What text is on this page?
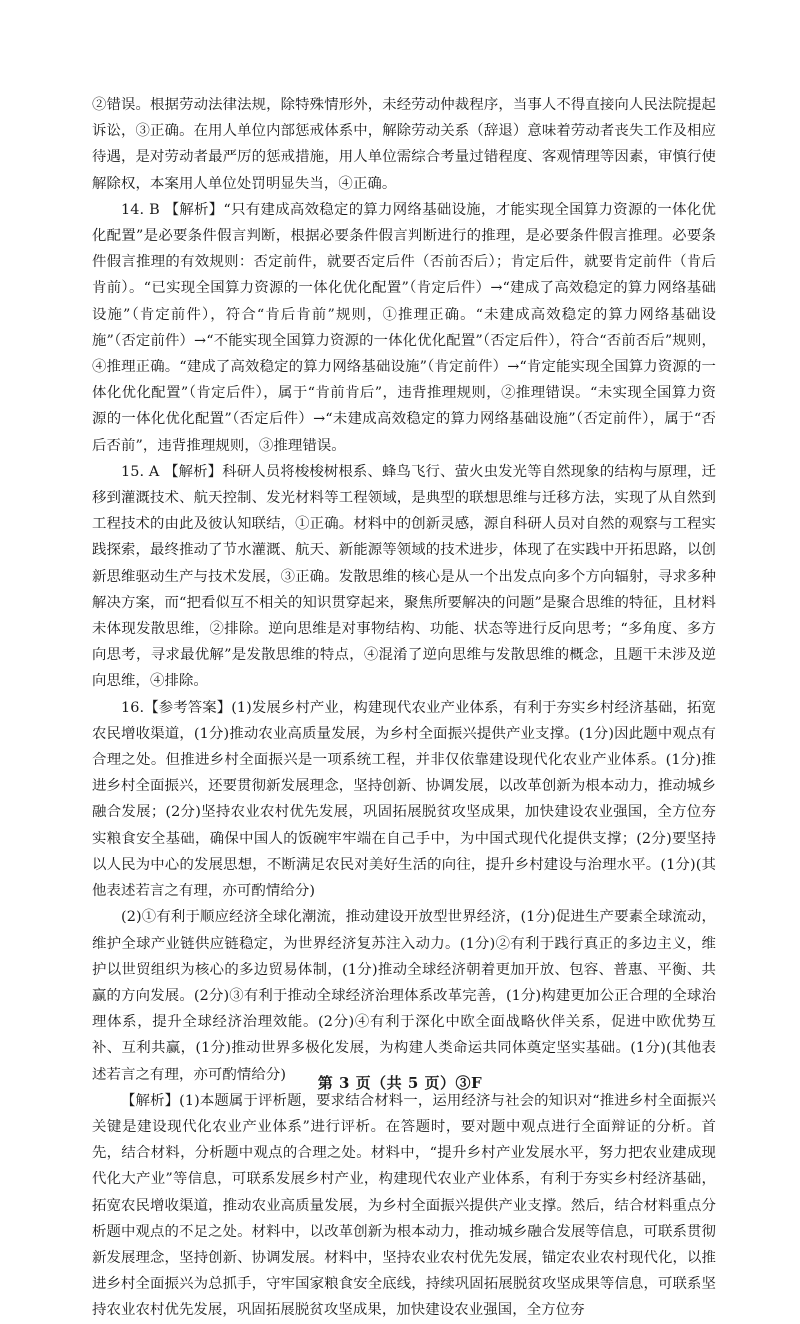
②错误。根据劳动法律法规，除特殊情形外，未经劳动仲裁程序，当事人不得直接向人民法院提起诉讼，③正确。在用人单位内部惩戒体系中，解除劳动关系（辞退）意味着劳动者丧失工作及相应待遇，是对劳动者最严厉的惩戒措施，用人单位需综合考量过错程度、客观情理等因素，审慎行使解除权，本案用人单位处罚明显失当，④正确。

14. B 【解析】“只有建成高效稳定的算力网络基础设施，才能实现全国算力资源的一体化优化配置”是必要条件假言判断，根据必要条件假言判断进行的推理，是必要条件假言推理。必要条件假言推理的有效规则：否定前件，就要否定后件（否前否后）；肯定后件，就要肯定前件（肯后肯前）。“已实现全国算力资源的一体化优化配置”（肯定后件）→“建成了高效稳定的算力网络基础设施”（肯定前件），符合“肯后肯前”规则，①推理正确。“未建成高效稳定的算力网络基础设施”（否定前件）→“不能实现全国算力资源的一体化优化配置”（否定后件），符合“否前否后”规则，④推理正确。“建成了高效稳定的算力网络基础设施”（肯定前件）→“肯定能实现全国算力资源的一体化优化配置”（肯定后件），属于“肯前肯后”，违背推理规则，②推理错误。“未实现全国算力资源的一体化优化配置”（否定后件）→“未建成高效稳定的算力网络基础设施”（否定前件），属于“否后否前”，违背推理规则，③推理错误。

15. A 【解析】科研人员将梭梭树根系、蜂鸟飞行、萤火虫发光等自然现象的结构与原理，迁移到灌溉技术、航天控制、发光材料等工程领域，是典型的联想思维与迁移方法，实现了从自然到工程技术的由此及彼认知联结，①正确。材料中的创新灵感，源自科研人员对自然的观察与工程实践探索，最终推动了节水灌溉、航天、新能源等领域的技术进步，体现了在实践中开拓思路，以创新思维驱动生产与技术发展，③正确。发散思维的核心是从一个出发点向多个方向辐射，寻求多种解决方案，而“把看似互不相关的知识贯穿起来，聚焦所要解决的问题”是聚合思维的特征，且材料未体现发散思维，②排除。逆向思维是对事物结构、功能、状态等进行反向思考；“多角度、多方向思考，寻求最优解”是发散思维的特点，④混淆了逆向思维与发散思维的概念，且题干未涉及逆向思维，④排除。

16.【参考答案】(1)发展乡村产业，构建现代农业产业体系，有利于夯实乡村经济基础，拓宽农民增收渠道，(1分)推动农业高质量发展，为乡村全面振兴提供产业支撑。(1分)因此题中观点有合理之处。但推进乡村全面振兴是一项系统工程，并非仅依靠建设现代化农业产业体系。(1分)推进乡村全面振兴，还要贯彻新发展理念，坚持创新、协调发展，以改革创新为根本动力，推动城乡融合发展；(2分)坚持农业农村优先发展，巩固拓展脱贫攻坚成果，加快建设农业强国，全方位夯实粮食安全基础，确保中国人的饭碗牢牢端在自己手中，为中国式现代化提供支撑；(2分)要坚持以人民为中心的发展思想，不断满足农民对美好生活的向往，提升乡村建设与治理水平。(1分)(其他表述若言之有理，亦可酌情给分)

(2)①有利于顺应经济全球化潮流，推动建设开放型世界经济，(1分)促进生产要素全球流动，维护全球产业链供应链稳定，为世界经济复苏注入动力。(1分)②有利于践行真正的多边主义，维护以世贸组织为核心的多边贸易体制，(1分)推动全球经济朝着更加开放、包容、普惠、平衡、共赢的方向发展。(2分)③有利于推动全球经济治理体系改革完善，(1分)构建更加公正合理的全球治理体系，提升全球经济治理效能。(2分)④有利于深化中欧全面战略伙伴关系，促进中欧优势互补、互利共赢，(1分)推动世界多极化发展，为构建人类命运共同体奠定坚实基础。(1分)(其他表述若言之有理，亦可酌情给分)

【解析】(1)本题属于评析题，要求结合材料一，运用经济与社会的知识对“推进乡村全面振兴关键是建设现代化农业产业体系”进行评析。在答题时，要对题中观点进行全面辩证的分析。首先，结合材料，分析题中观点的合理之处。材料中，“提升乡村产业发展水平，努力把农业建成现代化大产业”等信息，可联系发展乡村产业，构建现代农业产业体系，有利于夯实乡村经济基础，拓宽农民增收渠道，推动农业高质量发展，为乡村全面振兴提供产业支撑。然后，结合材料重点分析题中观点的不足之处。材料中，以改革创新为根本动力，推动城乡融合发展等信息，可联系贯彻新发展理念，坚持创新、协调发展。材料中，坚持农业农村优先发展，锚定农业农村现代化，以推进乡村全面振兴为总抓手，守牢国家粮食安全底线，持续巩固拓展脱贫攻坚成果等信息，可联系坚持农业农村优先发展，巩固拓展脱贫攻坚成果，加快建设农业强国，全方位夯

第 3 页（共 5 页）③F
